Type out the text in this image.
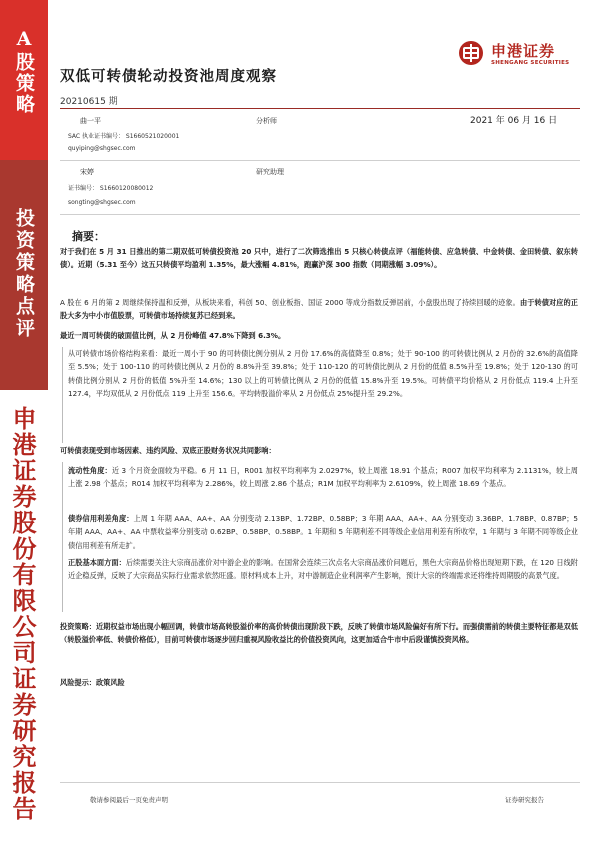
A股策略
投资策略点评
申港证券股份有限公司证券研究报告
双低可转债轮动投资池周度观察
20210615 期
申港证券
SHENGANG SECURITIES
曲一平	分析师	2021 年 06 月 16 日
SAC 执业证书编号： S1660521020001
quyiping@shgsec.com
宋婷	研究助理
证书编号： S1660120080012
songting@shgsec.com
摘要：
对于我们在 5 月 31 日推出的第二期双低可转债投资池 20 只中，进行了二次筛选推出 5 只核心转债点评（福能转债、应急转债、中金转债、金田转债、叙东转债）。近期（5.31 至今）这五只转债平均盈利 1.35%，最大涨幅 4.81%，跑赢沪深 300 指数（同期涨幅 3.09%）。
A 股在 6 月的第 2 周继续保持温和反弹，从板块来看，科创 50、创业板指、国证 2000 等成分指数反弹居前，小盘股出现了持续回暖的迹象。由于转债对应的正股大多为中小市值股票，可转债市场持续复苏已经到来。
最近一周可转债的破面值比例，从 2 月份峰值 47.8%下降到 6.3%。
从可转债市场价格结构来看：最近一周小于 90 的可转债比例分别从 2 月份 17.6%的高值降至 0.8%；处于 90-100 的可转债比例从 2 月份的 32.6%的高值降至 5.5%；处于 100-110 的可转债比例从 2 月份的 8.8%升至 39.8%；处于 110-120 的可转债比例从 2 月份的低值 8.5%升至 19.8%；处于 120-130 的可转债比例分别从 2 月份的低值 5%升至 14.6%；130 以上的可转债比例从 2 月份的低值 15.8%升至 19.5%。可转债平均价格从 2 月份低点 119.4 上升至 127.4，平均双低从 2 月份低点 119 上升至 156.6。平均转股溢价率从 2 月份低点 25%提升至 29.2%。
可转债表现受到市场因素、违约风险、双底正股财务状况共同影响：
流动性角度：近 3 个月资金面较为平稳。6 月 11 日，R001 加权平均利率为 2.0297%，较上周涨 18.91 个基点；R007 加权平均利率为 2.1131%，较上周上涨 2.98 个基点；R014 加权平均利率为 2.286%，较上周涨 2.86 个基点；R1M 加权平均利率为 2.6109%，较上周涨 18.69 个基点。
债券信用利差角度：上周 1 年期 AAA、AA+、AA 分别变动 2.13BP、1.72BP、0.58BP；3 年期 AAA、AA+、AA 分别变动 3.36BP、1.78BP、0.87BP；5 年期 AAA、AA+、AA 中票收益率分别变动 0.62BP、0.58BP、0.58BP。1 年期和 5 年期利差不同等级企业信用利差有所收窄，1 年期与 3 年期不同等级企业债信用利差有所走扩。
正股基本面方面：后续需要关注大宗商品涨价对中游企业的影响。在国常会连续三次点名大宗商品涨价问题后，黑色大宗商品价格出现短期下跌，在 120 日线附近企稳反弹，反映了大宗商品实际行业需求依然旺盛。原材料成本上升，对中游制造企业利润率产生影响，预计大宗的终端需求还将维持周期股的高景气度。
投资策略：近期权益市场出现小幅回调，转债市场高转股溢价率的高价转债出现阶段下跌，反映了转债市场风险偏好有所下行。而强债需前的转债主要特征都是双低（转股溢价率低、转债价格低），目前可转债市场逐步回归重视风险收益比的价值投资风向，这更加适合牛市中后段谨慎投资风格。
风险提示：政策风险
敬请参阅最后一页免责声明	证券研究报告
